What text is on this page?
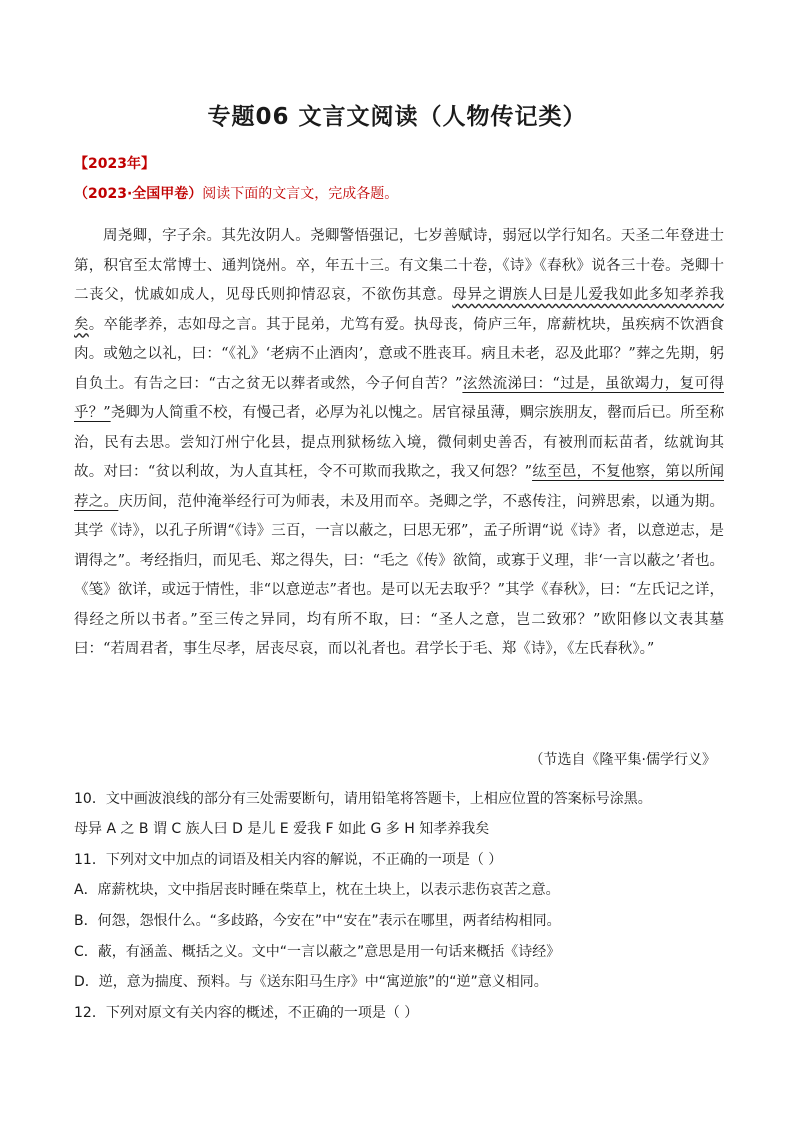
专题06 文言文阅读（人物传记类）
【2023年】
（2023·全国甲卷）阅读下面的文言文，完成各题。

周尧卿，字子余。其先汝阴人。尧卿警悟强记，七岁善赋诗，弱冠以学行知名。天圣二年登进士第，积官至太常博士、通判饶州。卒，年五十三。有文集二十卷，《诗》《春秋》说各三十卷。尧卿十二丧父，忧戚如成人，见母氏则抑情忍哀，不欲伤其意。母异之谓族人曰是儿爱我如此多知孝养我矣。卒能孝养，志如母之言。其于昆弟，尤笃有爱。执母丧，倚庐三年，席薪枕块，虽疾病不饮酒食肉。或勉之以礼，曰：“《礼》‘老病不止酒肉’，意或不胜丧耳。病且未老，忍及此耶？”葬之先期，躬自负土。有告之曰：“古之贫无以葬者或然，今子何自苦？”泫然流涕曰：“过是，虽欲竭力，复可得乎？”尧卿为人简重不校，有慢己者，必厚为礼以愧之。居官禄虽薄，赒宗族朋友，罄而后已。所至称治，民有去思。尝知汀州宁化县，提点刑狱杨纮入境，微伺刺史善否，有被刑而耘苗者，纮就询其故。对曰：“贫以利故，为人直其枉，令不可欺而我欺之，我又何怨？”纮至邑，不复他察，第以所闻荐之。庆历间，范仲淹举经行可为师表，未及用而卒。尧卿之学，不惑传注，问辨思索，以通为期。其学《诗》，以孔子所谓“《诗》三百，一言以蔽之，曰思无邪”，孟子所谓“说《诗》者，以意逆志，是谓得之”。考经指归，而见毛、郑之得失，曰：“毛之《传》欲简，或寡于义理，非‘一言以蔽之’者也。《笺》欲详，或远于情性，非“以意逆志”者也。是可以无去取乎？”其学《春秋》，曰：“左氏记之详，得经之所以书者。”至三传之异同，均有所不取，曰：“圣人之意，岂二致邪？”欧阳修以文表其墓曰：“若周君者，事生尽孝，居丧尽哀，而以礼者也。君学长于毛、郑《诗》，《左氏春秋》。”

（节选自《隆平集·儒学行义》
10．文中画波浪线的部分有三处需要断句，请用铅笔将答题卡，上相应位置的答案标号涂黑。
母异 A 之 B 谓 C 族人曰 D 是儿 E 爱我 F 如此 G 多 H 知孝养我矣
11．下列对文中加点的词语及相关内容的解说，不正确的一项是（ ）
A．席薪枕块，文中指居丧时睡在柴草上，枕在土块上，以表示悲伤哀苦之意。
B．何怨，怨恨什么。“多歧路，今安在”中“安在”表示在哪里，两者结构相同。
C．蔽，有涵盖、概括之义。文中“一言以蔽之”意思是用一句话来概括《诗经》
D．逆，意为揣度、预料。与《送东阳马生序》中“寓逆旅”的“逆”意义相同。
12．下列对原文有关内容的概述，不正确的一项是（ ）
